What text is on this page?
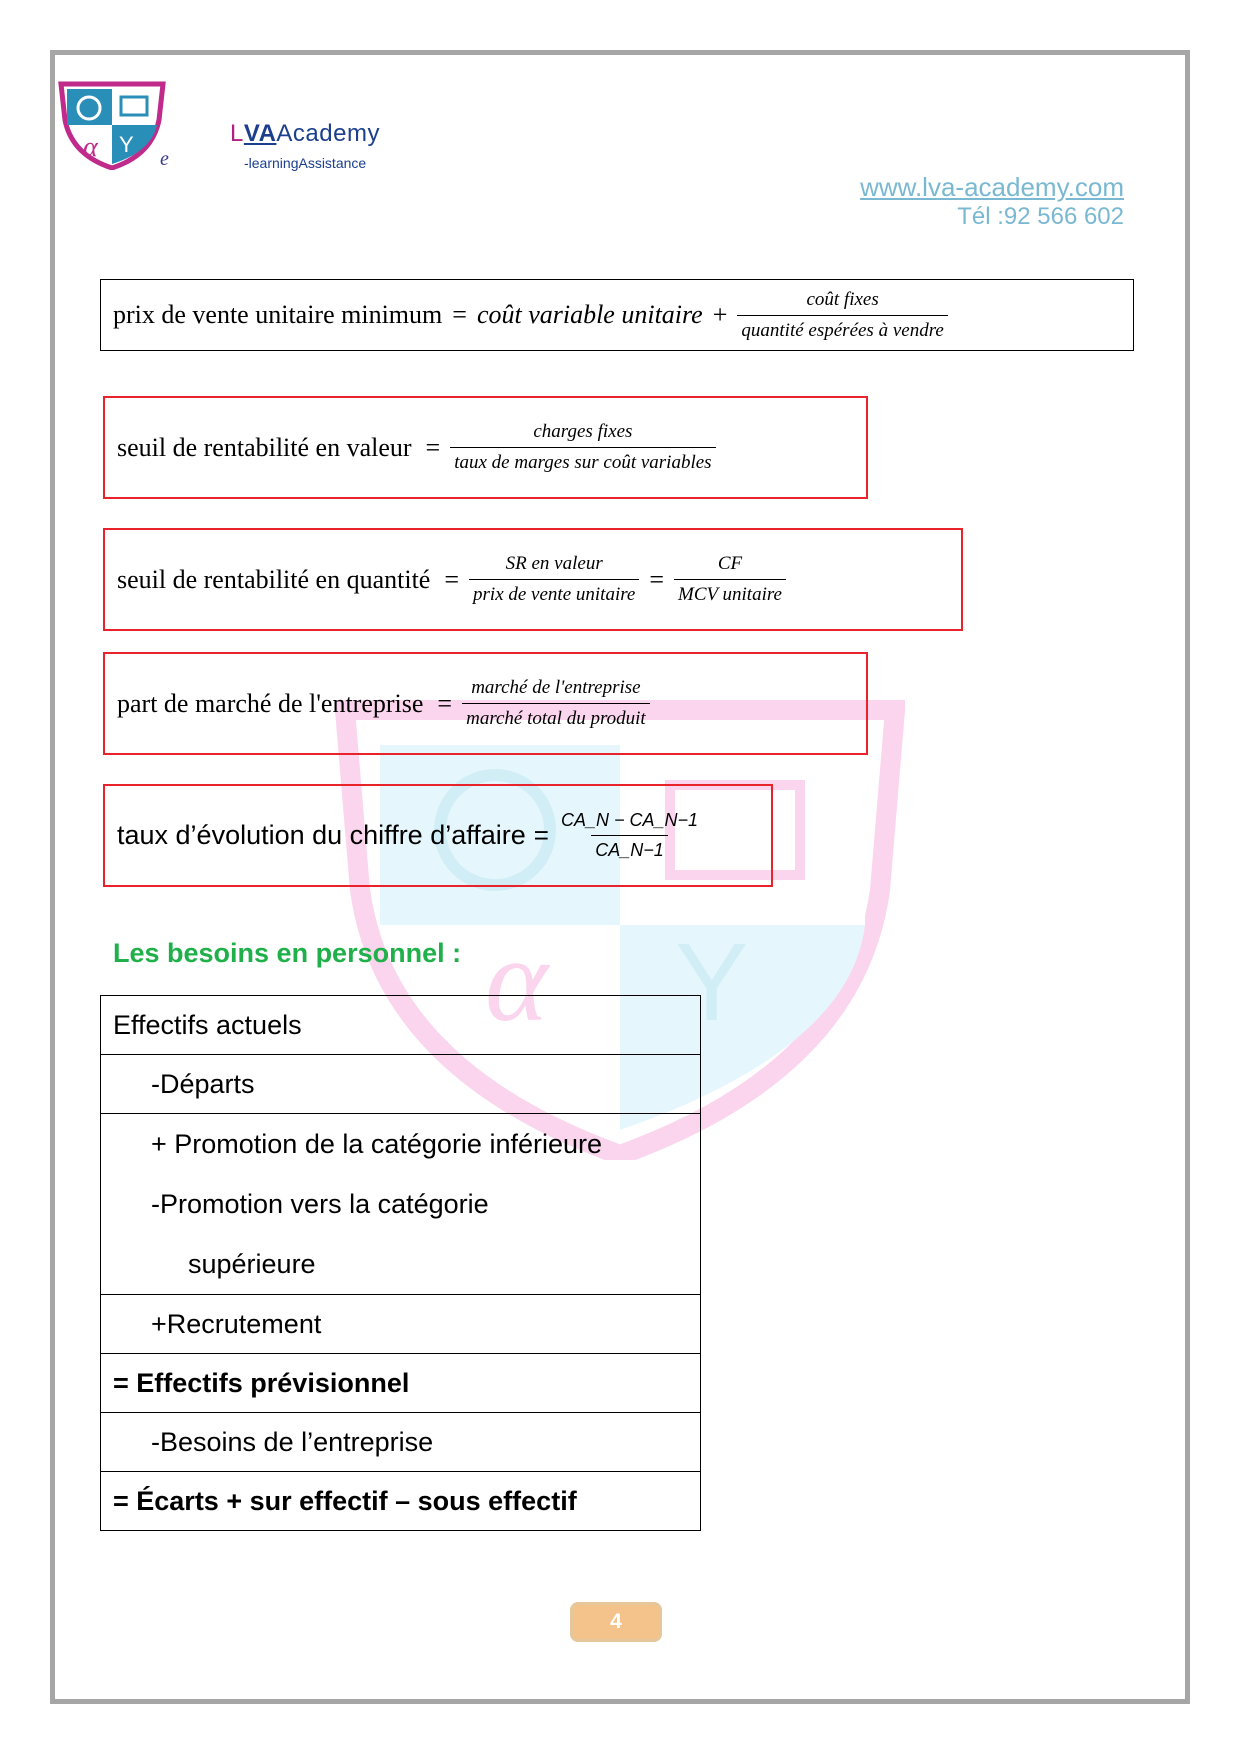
α Y
α Y
e
LVAAcademy
-learningAssistance
www.lva-academy.com
Tél :92 566 602
prix de vente unitaire minimum = coût variable unitaire + $\frac{\text{coût fixes}}{\text{quantité espérées à vendre}}$
seuil de rentabilité en valeur = $\frac{\text{charges fixes}}{\text{taux de marges sur coût variables}}$
seuil de rentabilité en quantité = $\frac{\text{SR en valeur}}{\text{prix de vente unitaire}} = \frac{CF}{\text{MCV unitaire}}$
part de marché de l'entreprise = $\frac{\text{marché de l'entreprise}}{\text{marché total du produit}}$
taux d’évolution du chiffre d’affaire = $\frac{CA\_N - CA\_N-1}{CA\_N-1}$
Les besoins en personnel :
Effectifs actuels
-Départs
+ Promotion de la catégorie inférieure
-Promotion vers la catégorie
supérieure
+Recrutement
= Effectifs prévisionnel
-Besoins de l’entreprise
= Écarts + sur effectif – sous effectif
4
